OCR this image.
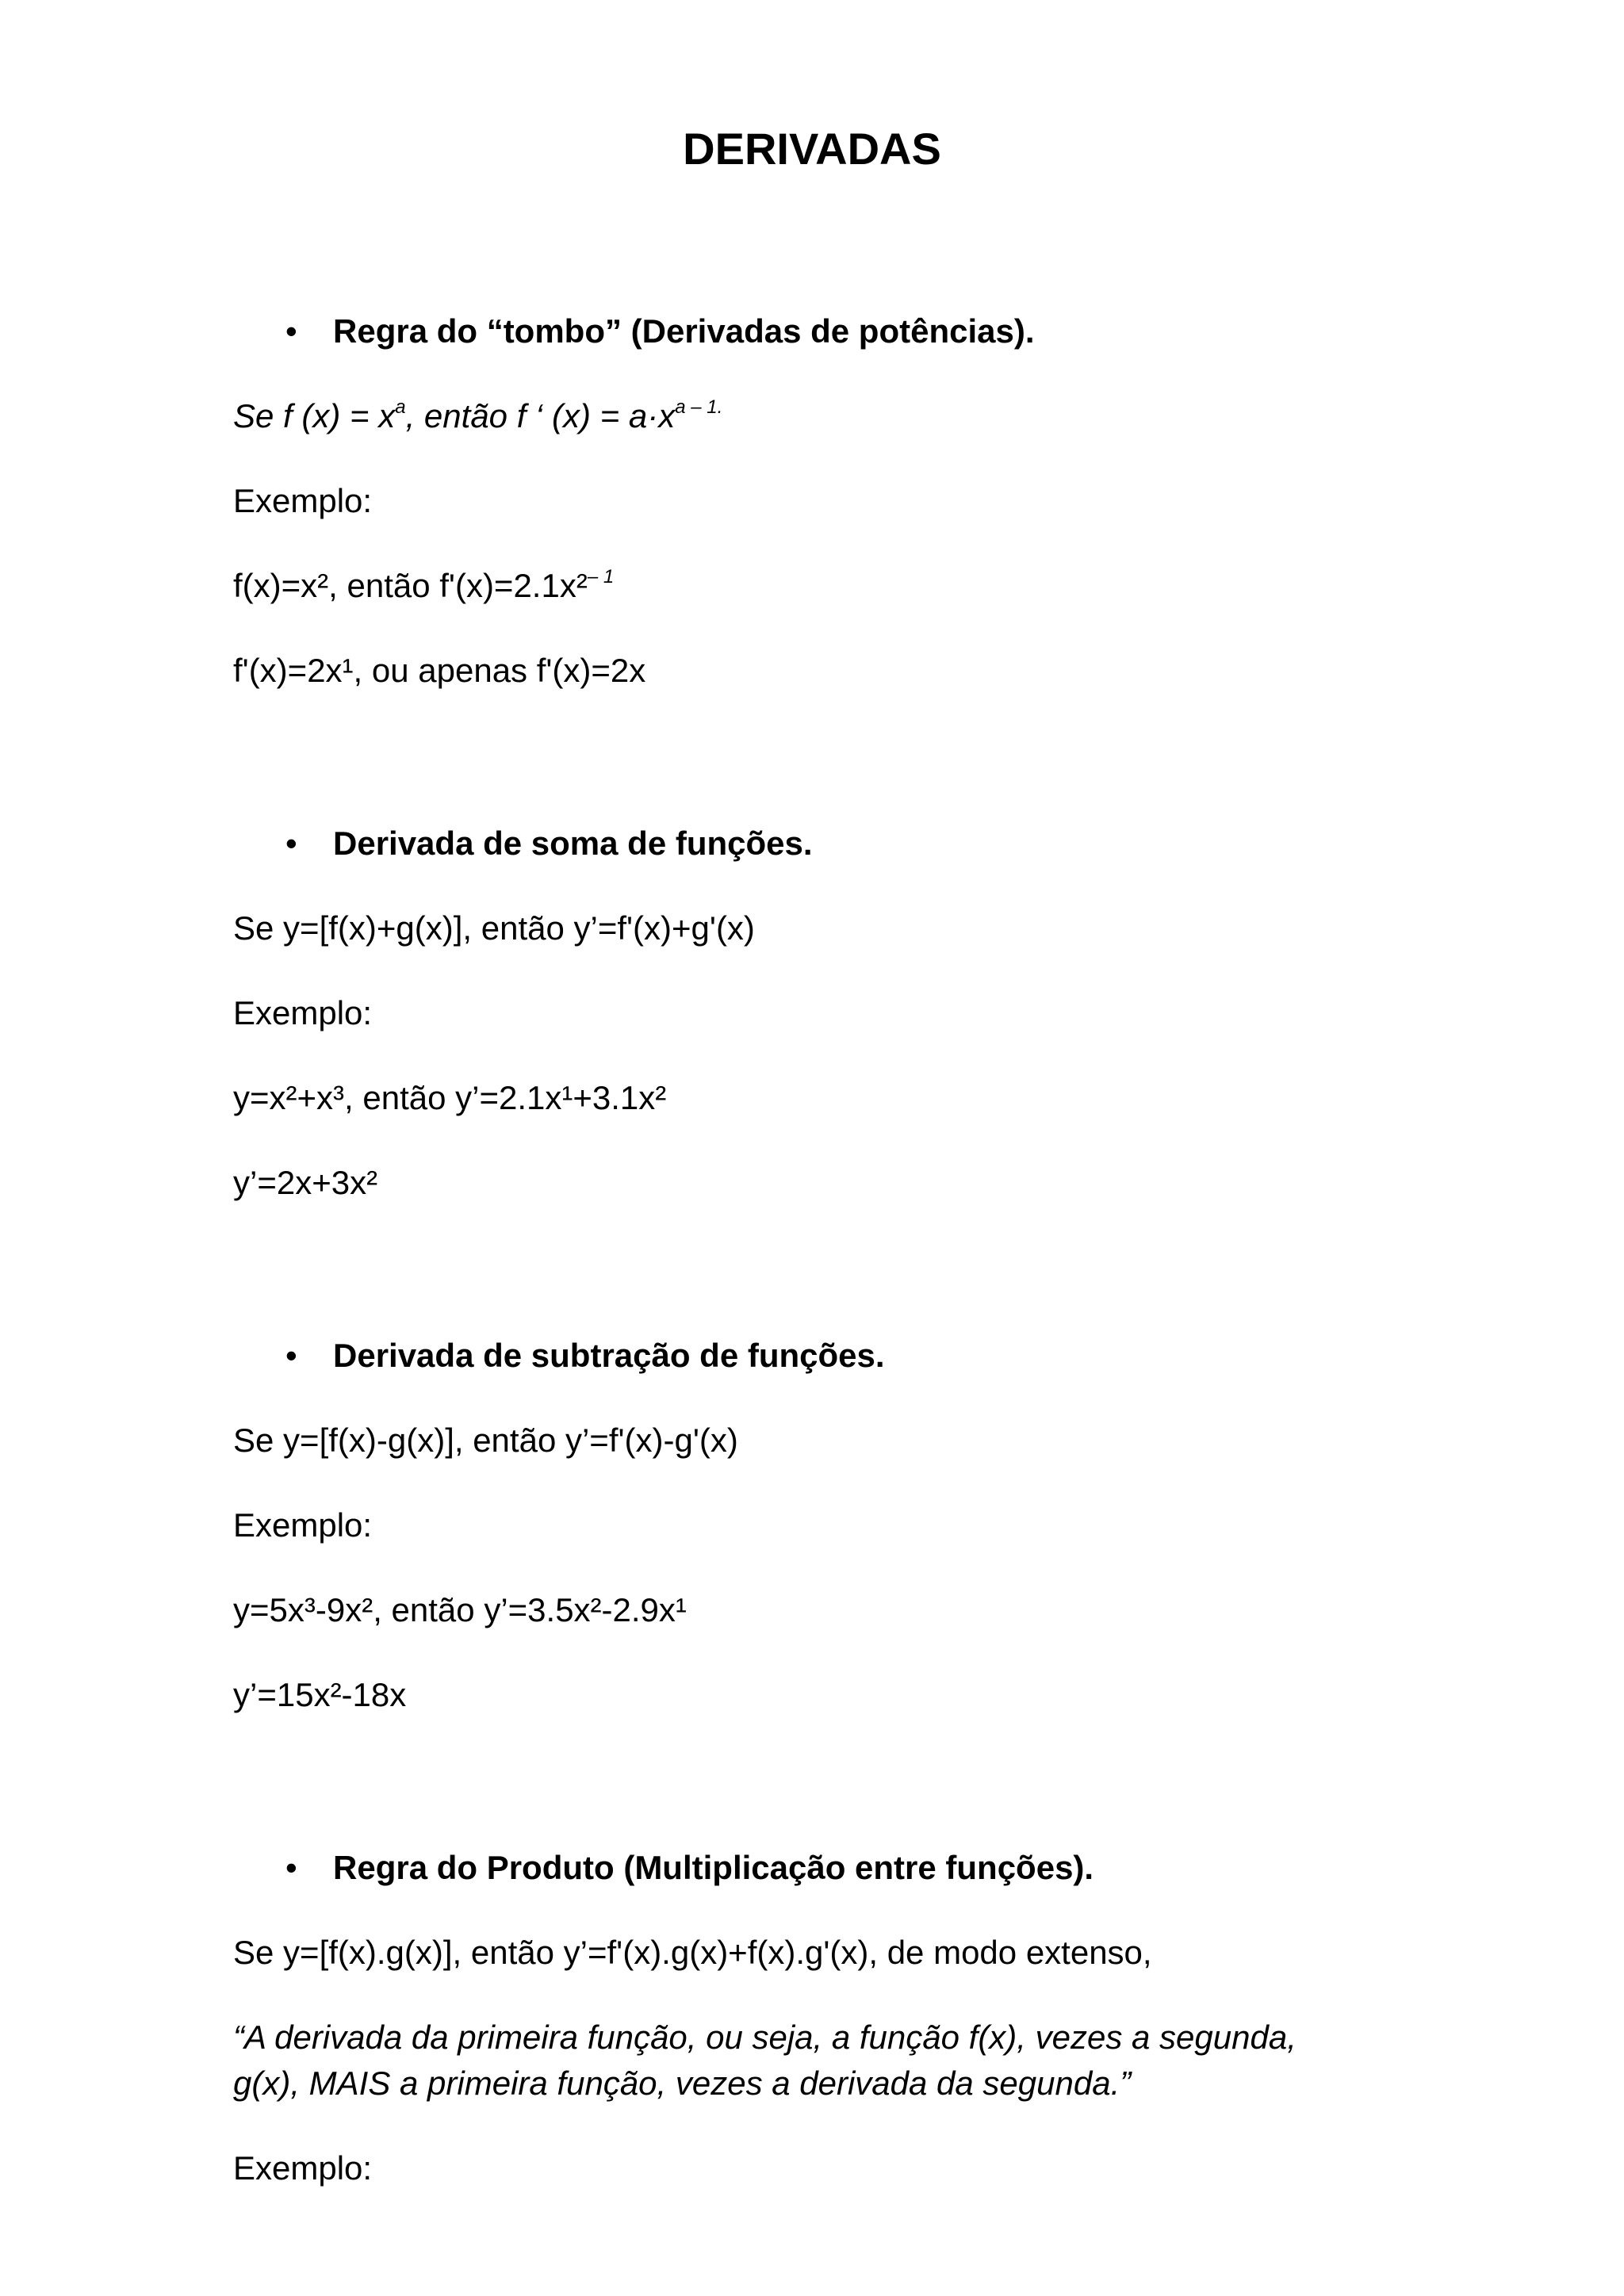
DERIVADAS
• Regra do “tombo” (Derivadas de potências).
Se f $(x) = x^a$, então f ‘ $(x) = a\cdot x^{a - 1.}$
Exemplo:
f(x)=x², então f'(x)=2.1x²$^{- 1}$
f'(x)=2x¹, ou apenas f'(x)=2x
• Derivada de soma de funções.
Se y=[f(x)+g(x)], então y’=f'(x)+g'(x)
Exemplo:
y=x²+x³, então y’=2.1x¹+3.1x²
y’=2x+3x²
• Derivada de subtração de funções.
Se y=[f(x)-g(x)], então y’=f'(x)-g'(x)
Exemplo:
y=5x³-9x², então y’=3.5x²-2.9x¹
y’=15x²-18x
• Regra do Produto (Multiplicação entre funções).
Se y=[f(x).g(x)], então y’=f'(x).g(x)+f(x).g'(x), de modo extenso,
“A derivada da primeira função, ou seja, a função f(x), vezes a segunda,
g(x), MAIS a primeira função, vezes a derivada da segunda.”
Exemplo:
